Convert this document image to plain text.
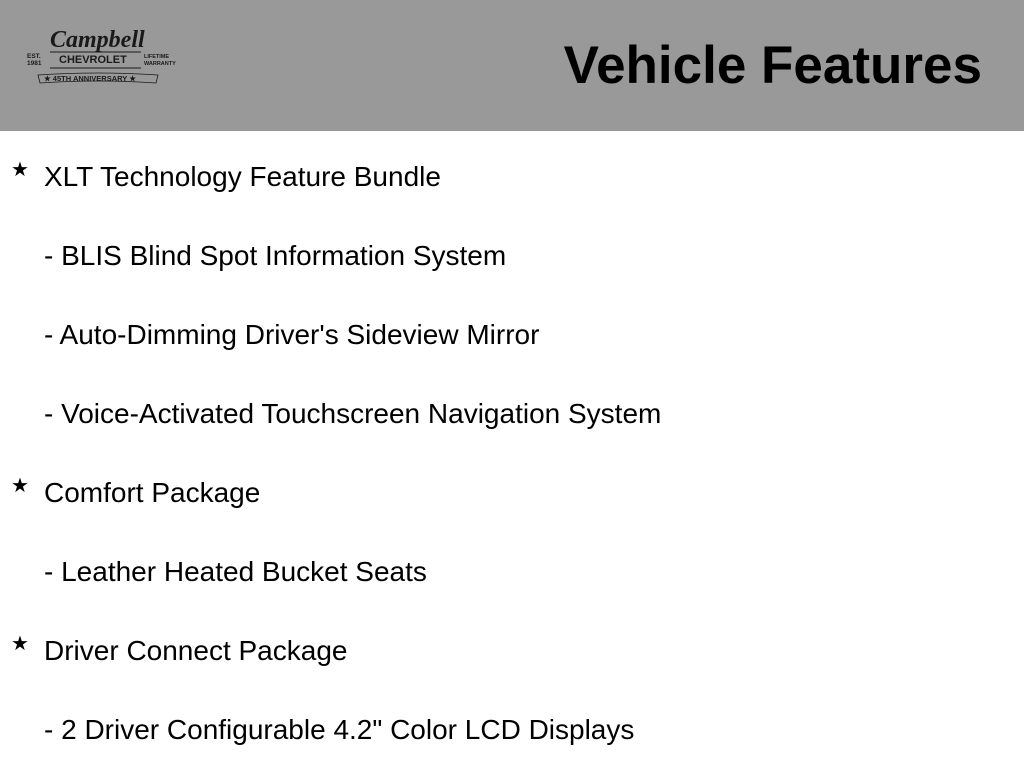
Campbell
EST.
1981 CHEVROLET	LIFETIME
WARRANTY
★ 45TH ANNIVERSARY ★	Vehicle Features
★ XLT Technology Feature Bundle
- BLIS Blind Spot Information System
- Auto-Dimming Driver's Sideview Mirror
- Voice-Activated Touchscreen Navigation System
★ Comfort Package
- Leather Heated Bucket Seats
★ Driver Connect Package
- 2 Driver Configurable 4.2" Color LCD Displays
